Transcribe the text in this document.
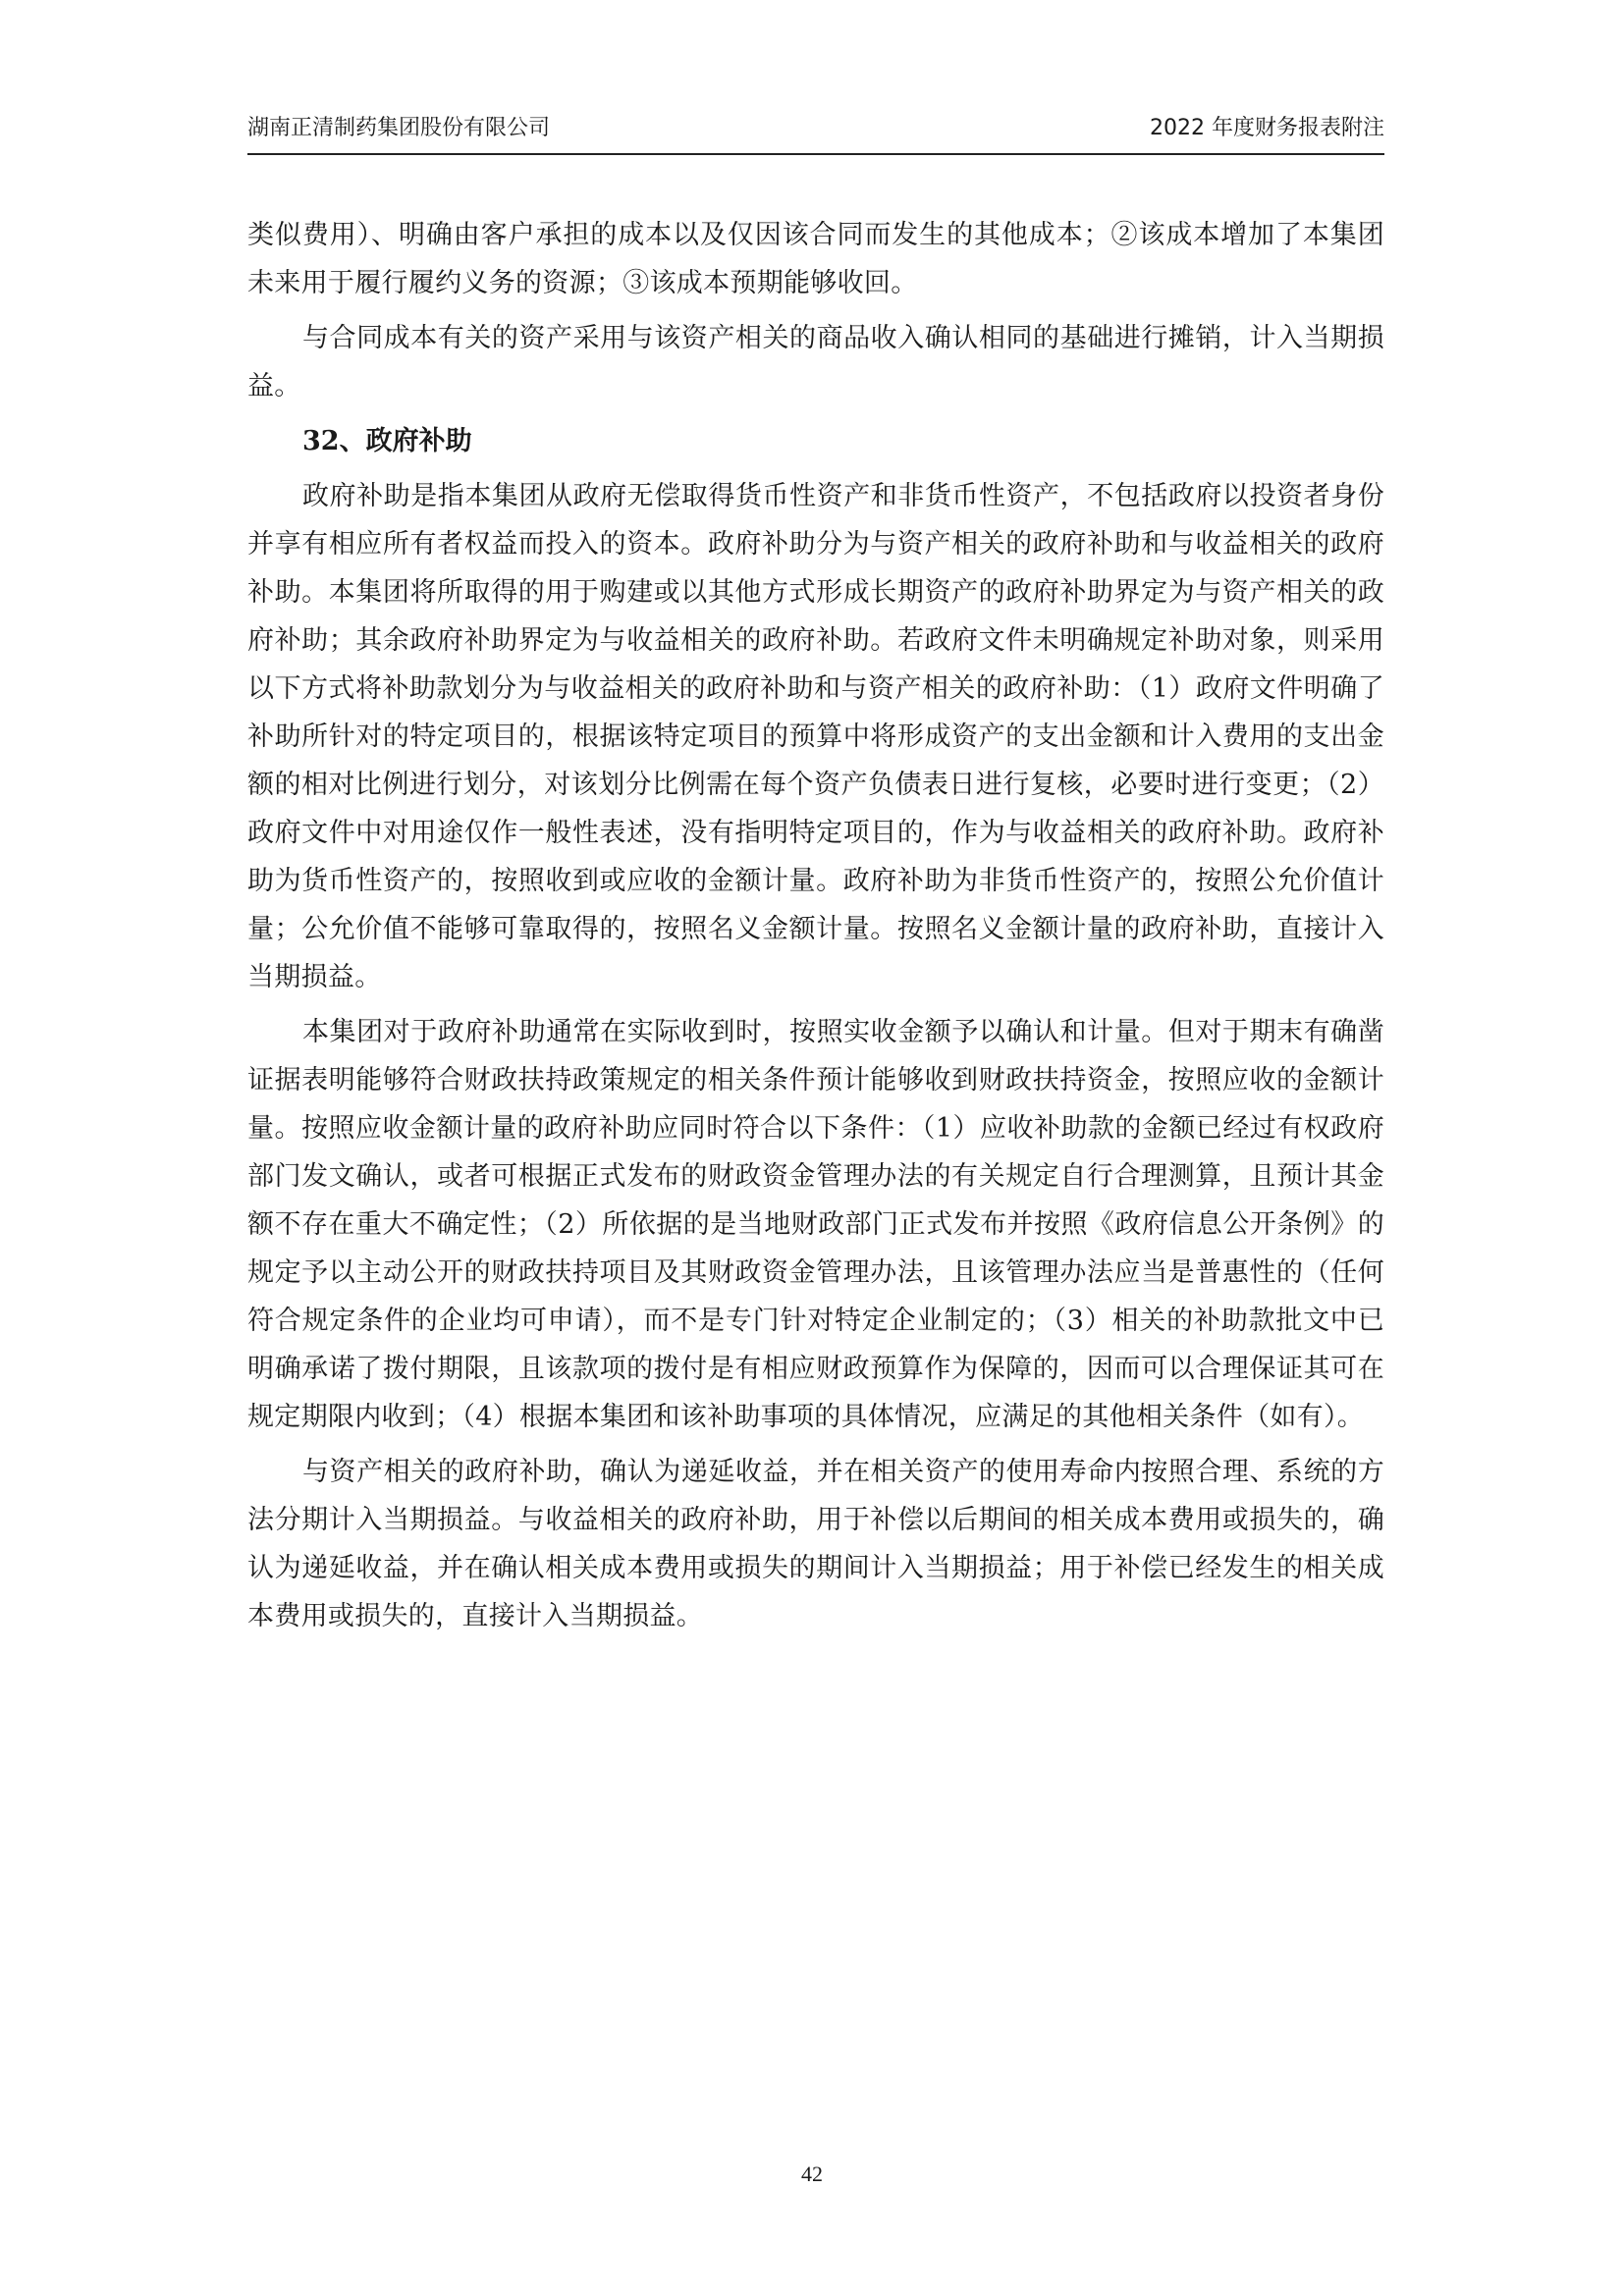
湖南正清制药集团股份有限公司	2022 年度财务报表附注

类似费用）、明确由客户承担的成本以及仅因该合同而发生的其他成本；②该成本增加了本集团未来用于履行履约义务的资源；③该成本预期能够收回。

与合同成本有关的资产采用与该资产相关的商品收入确认相同的基础进行摊销，计入当期损益。

32、政府补助

政府补助是指本集团从政府无偿取得货币性资产和非货币性资产，不包括政府以投资者身份并享有相应所有者权益而投入的资本。政府补助分为与资产相关的政府补助和与收益相关的政府补助。本集团将所取得的用于购建或以其他方式形成长期资产的政府补助界定为与资产相关的政府补助；其余政府补助界定为与收益相关的政府补助。若政府文件未明确规定补助对象，则采用以下方式将补助款划分为与收益相关的政府补助和与资产相关的政府补助：（1）政府文件明确了补助所针对的特定项目的，根据该特定项目的预算中将形成资产的支出金额和计入费用的支出金额的相对比例进行划分，对该划分比例需在每个资产负债表日进行复核，必要时进行变更；（2）政府文件中对用途仅作一般性表述，没有指明特定项目的，作为与收益相关的政府补助。政府补助为货币性资产的，按照收到或应收的金额计量。政府补助为非货币性资产的，按照公允价值计量；公允价值不能够可靠取得的，按照名义金额计量。按照名义金额计量的政府补助，直接计入当期损益。

本集团对于政府补助通常在实际收到时，按照实收金额予以确认和计量。但对于期末有确凿证据表明能够符合财政扶持政策规定的相关条件预计能够收到财政扶持资金，按照应收的金额计量。按照应收金额计量的政府补助应同时符合以下条件：（1）应收补助款的金额已经过有权政府部门发文确认，或者可根据正式发布的财政资金管理办法的有关规定自行合理测算，且预计其金额不存在重大不确定性；（2）所依据的是当地财政部门正式发布并按照《政府信息公开条例》的规定予以主动公开的财政扶持项目及其财政资金管理办法，且该管理办法应当是普惠性的（任何符合规定条件的企业均可申请），而不是专门针对特定企业制定的；（3）相关的补助款批文中已明确承诺了拨付期限，且该款项的拨付是有相应财政预算作为保障的，因而可以合理保证其可在规定期限内收到；（4）根据本集团和该补助事项的具体情况，应满足的其他相关条件（如有）。

与资产相关的政府补助，确认为递延收益，并在相关资产的使用寿命内按照合理、系统的方法分期计入当期损益。与收益相关的政府补助，用于补偿以后期间的相关成本费用或损失的，确认为递延收益，并在确认相关成本费用或损失的期间计入当期损益；用于补偿已经发生的相关成本费用或损失的，直接计入当期损益。

42
